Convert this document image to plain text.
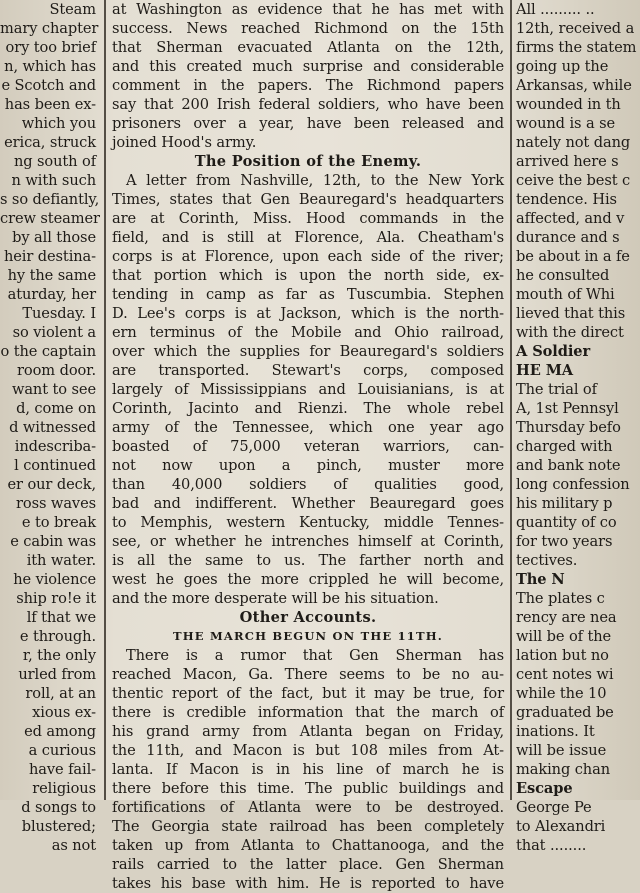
Steam
mary chapter
ory too brief
n, which has
e Scotch and
has been ex-
which you
erica, struck
ng south of
n with such
s so defiantly,
crew steamer
by all those
heir destina-
hy the same
aturday, her
Tuesday. I
so violent a
o the captain
room door.
want to see
d, come on
d witnessed
indescriba-
l continued
er our deck,
ross waves
e to break
e cabin was
ith water.
he violence
ship ro!e it
lf that we
e through.
r, the only
urled from
roll, at an
xious ex-
ed among
a curious
have fail-
religious
d songs to
blustered;
as not
at Washington as evidence that he has met with
success. News reached Richmond on the 15th
that Sherman evacuated Atlanta on the 12th,
and this created much surprise and considerable
comment in the papers. The Richmond papers
say that 200 Irish federal soldiers, who have been
prisoners over a year, have been released and
joined Hood's army.
The Position of the Enemy.
A letter from Nashville, 12th, to the New York
Times, states that Gen Beauregard's headquarters
are at Corinth, Miss. Hood commands in the
field, and is still at Florence, Ala. Cheatham's
corps is at Florence, upon each side of the river;
that portion which is upon the north side, ex-
tending in camp as far as Tuscumbia. Stephen
D. Lee's corps is at Jackson, which is the north-
ern terminus of the Mobile and Ohio railroad,
over which the supplies for Beauregard's soldiers
are transported. Stewart's corps, composed
largely of Mississippians and Louisianians, is at
Corinth, Jacinto and Rienzi. The whole rebel
army of the Tennessee, which one year ago
boasted of 75,000 veteran warriors, can-
not now upon a pinch, muster more
than 40,000 soldiers of qualities good,
bad and indifferent. Whether Beauregard goes
to Memphis, western Kentucky, middle Tennes-
see, or whether he intrenches himself at Corinth,
is all the same to us. The farther north and
west he goes the more crippled he will become,
and the more desperate will be his situation.
Other Accounts.
THE MARCH BEGUN ON THE 11TH.
There is a rumor that Gen Sherman has
reached Macon, Ga. There seems to be no au-
thentic report of the fact, but it may be true, for
there is credible information that the march of
his grand army from Atlanta began on Friday,
the 11th, and Macon is but 108 miles from At-
lanta. If Macon is in his line of march he is
there before this time. The public buildings and
fortifications of Atlanta were to be destroyed.
The Georgia state railroad has been completely
taken up from Atlanta to Chattanooga, and the
rails carried to the latter place. Gen Sherman
takes his base with him. He is reported to have
All ......... ..
12th, received a
firms the statem
going up the
Arkansas, while
wounded in th
wound is a se
nately not dang
arrived here s
ceive the best c
tendence. His
affected, and v
durance and s
be about in a fe
he consulted
mouth of Whi
lieved that this
with the direct
A Soldier
HE MA
The trial of
A, 1st Pennsyl
Thursday befo
charged with
and bank note
long confession
his military p
quantity of co
for two years
tectives.
The N
The plates c
rency are nea
will be of the
lation but no
cent notes wi
while the 10
graduated be
inations. It
will be issue
making chan
Escape
George Pe
to Alexandri
that ........
